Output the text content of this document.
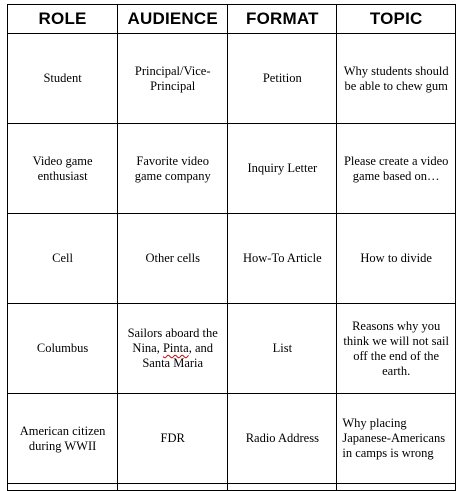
ROLE	AUDIENCE	FORMAT	TOPIC
Student	Principal/Vice-Principal	Petition	Why students should be able to chew gum
Video game enthusiast	Favorite video game company	Inquiry Letter	Please create a video game based on…
Cell	Other cells	How-To Article	How to divide
Columbus	Sailors aboard the Nina, Pinta, and Santa Maria	List	Reasons why you think we will not sail off the end of the earth.
American citizen during WWII	FDR	Radio Address	Why placing Japanese-Americans in camps is wrong
